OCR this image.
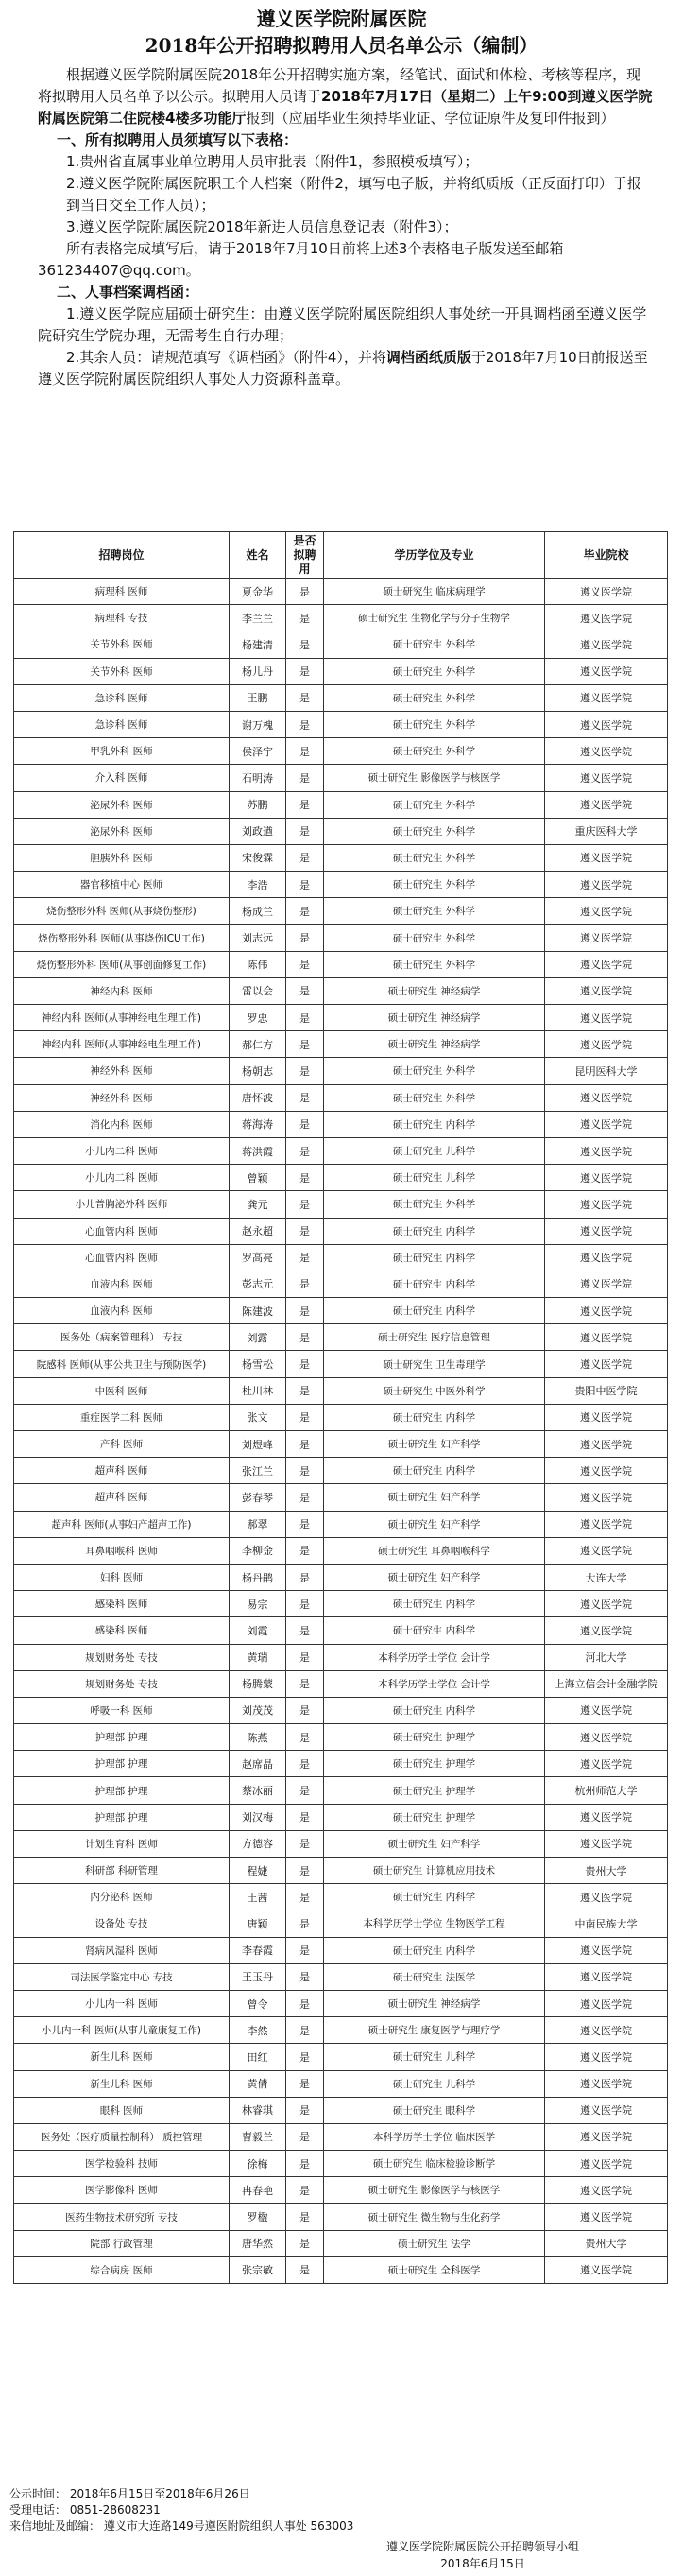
遵义医学院附属医院
2018年公开招聘拟聘用人员名单公示（编制）

根据遵义医学院附属医院2018年公开招聘实施方案，经笔试、面试和体检、考核等程序，现将拟聘用人员名单予以公示。拟聘用人员请于2018年7月17日（星期二）上午9:00到遵义医学院附属医院第二住院楼4楼多功能厅报到（应届毕业生须持毕业证、学位证原件及复印件报到）

一、所有拟聘用人员须填写以下表格：

1.贵州省直属事业单位聘用人员审批表（附件1，参照模板填写）；

2.遵义医学院附属医院职工个人档案（附件2，填写电子版，并将纸质版（正反面打印）于报到当日交至工作人员）；

3.遵义医学院附属医院2018年新进人员信息登记表（附件3）；

所有表格完成填写后，请于2018年7月10日前将上述3个表格电子版发送至邮箱361234407@qq.com。

二、人事档案调档函：

1.遵义医学院应届硕士研究生：由遵义医学院附属医院组织人事处统一开具调档函至遵义医学院研究生学院办理，无需考生自行办理；

2.其余人员：请规范填写《调档函》（附件4），并将调档函纸质版于2018年7月10日前报送至遵义医学院附属医院组织人事处人力资源科盖章。

招聘岗位	姓名	是否拟聘用	学历学位及专业	毕业院校
病理科 医师	夏金华	是	硕士研究生 临床病理学	遵义医学院
病理科 专技	李兰兰	是	硕士研究生 生物化学与分子生物学	遵义医学院
关节外科 医师	杨建清	是	硕士研究生 外科学	遵义医学院
关节外科 医师	杨儿丹	是	硕士研究生 外科学	遵义医学院
急诊科 医师	王鹏	是	硕士研究生 外科学	遵义医学院
急诊科 医师	谢万槐	是	硕士研究生 外科学	遵义医学院
甲乳外科 医师	侯泽宇	是	硕士研究生 外科学	遵义医学院
介入科 医师	石明涛	是	硕士研究生 影像医学与核医学	遵义医学院
泌尿外科 医师	苏鹏	是	硕士研究生 外科学	遵义医学院
泌尿外科 医师	刘政遒	是	硕士研究生 外科学	重庆医科大学
胆胰外科 医师	宋俊霖	是	硕士研究生 外科学	遵义医学院
器官移植中心 医师	李浩	是	硕士研究生 外科学	遵义医学院
烧伤整形外科 医师(从事烧伤整形)	杨成兰	是	硕士研究生 外科学	遵义医学院
烧伤整形外科 医师(从事烧伤ICU工作)	刘志远	是	硕士研究生 外科学	遵义医学院
烧伤整形外科 医师(从事创面修复工作)	陈伟	是	硕士研究生 外科学	遵义医学院
神经内科 医师	雷以会	是	硕士研究生 神经病学	遵义医学院
神经内科 医师(从事神经电生理工作)	罗忠	是	硕士研究生 神经病学	遵义医学院
神经内科 医师(从事神经电生理工作)	郝仁方	是	硕士研究生 神经病学	遵义医学院
神经外科 医师	杨朝志	是	硕士研究生 外科学	昆明医科大学
神经外科 医师	唐怀波	是	硕士研究生 外科学	遵义医学院
消化内科 医师	蒋海涛	是	硕士研究生 内科学	遵义医学院
小儿内二科 医师	蒋洪霞	是	硕士研究生 儿科学	遵义医学院
小儿内二科 医师	曾颖	是	硕士研究生 儿科学	遵义医学院
小儿普胸泌外科 医师	龚元	是	硕士研究生 外科学	遵义医学院
心血管内科 医师	赵永超	是	硕士研究生 内科学	遵义医学院
心血管内科 医师	罗高亮	是	硕士研究生 内科学	遵义医学院
血液内科 医师	彭志元	是	硕士研究生 内科学	遵义医学院
血液内科 医师	陈建波	是	硕士研究生 内科学	遵义医学院
医务处（病案管理科） 专技	刘露	是	硕士研究生 医疗信息管理	遵义医学院
院感科 医师(从事公共卫生与预防医学)	杨雪松	是	硕士研究生 卫生毒理学	遵义医学院
中医科 医师	杜川林	是	硕士研究生 中医外科学	贵阳中医学院
重症医学二科 医师	张文	是	硕士研究生 内科学	遵义医学院
产科 医师	刘煜峰	是	硕士研究生 妇产科学	遵义医学院
超声科 医师	张江兰	是	硕士研究生 内科学	遵义医学院
超声科 医师	彭春琴	是	硕士研究生 妇产科学	遵义医学院
超声科 医师(从事妇产超声工作)	郝翠	是	硕士研究生 妇产科学	遵义医学院
耳鼻咽喉科 医师	李柳金	是	硕士研究生 耳鼻咽喉科学	遵义医学院
妇科 医师	杨丹鹃	是	硕士研究生 妇产科学	大连大学
感染科 医师	易宗	是	硕士研究生 内科学	遵义医学院
感染科 医师	刘霞	是	硕士研究生 内科学	遵义医学院
规划财务处 专技	黄瑞	是	本科学历学士学位 会计学	河北大学
规划财务处 专技	杨腾蒙	是	本科学历学士学位 会计学	上海立信会计金融学院
呼吸一科 医师	刘茂茂	是	硕士研究生 内科学	遵义医学院
护理部 护理	陈燕	是	硕士研究生 护理学	遵义医学院
护理部 护理	赵席晶	是	硕士研究生 护理学	遵义医学院
护理部 护理	蔡冰丽	是	硕士研究生 护理学	杭州师范大学
护理部 护理	刘汉梅	是	硕士研究生 护理学	遵义医学院
计划生育科 医师	方德容	是	硕士研究生 妇产科学	遵义医学院
科研部 科研管理	程婕	是	硕士研究生 计算机应用技术	贵州大学
内分泌科 医师	王茜	是	硕士研究生 内科学	遵义医学院
设备处 专技	唐颖	是	本科学历学士学位 生物医学工程	中南民族大学
肾病风湿科 医师	李春霞	是	硕士研究生 内科学	遵义医学院
司法医学鉴定中心 专技	王玉丹	是	硕士研究生 法医学	遵义医学院
小儿内一科 医师	曾令	是	硕士研究生 神经病学	遵义医学院
小儿内一科 医师(从事儿童康复工作)	李然	是	硕士研究生 康复医学与理疗学	遵义医学院
新生儿科 医师	田红	是	硕士研究生 儿科学	遵义医学院
新生儿科 医师	黄倩	是	硕士研究生 儿科学	遵义医学院
眼科 医师	林睿琪	是	硕士研究生 眼科学	遵义医学院
医务处（医疗质量控制科） 质控管理	曹毅兰	是	本科学历学士学位 临床医学	遵义医学院
医学检验科 技师	徐梅	是	硕士研究生 临床检验诊断学	遵义医学院
医学影像科 医师	冉春艳	是	硕士研究生 影像医学与核医学	遵义医学院
医药生物技术研究所 专技	罗楹	是	硕士研究生 微生物与生化药学	遵义医学院
院部 行政管理	唐华然	是	硕士研究生 法学	贵州大学
综合病房 医师	张宗敏	是	硕士研究生 全科医学	遵义医学院

公示时间： 2018年6月15日至2018年6月26日

受理电话： 0851-28608231

来信地址及邮编： 遵义市大连路149号遵医附院组织人事处 563003

遵义医学院附属医院公开招聘领导小组
2018年6月15日
